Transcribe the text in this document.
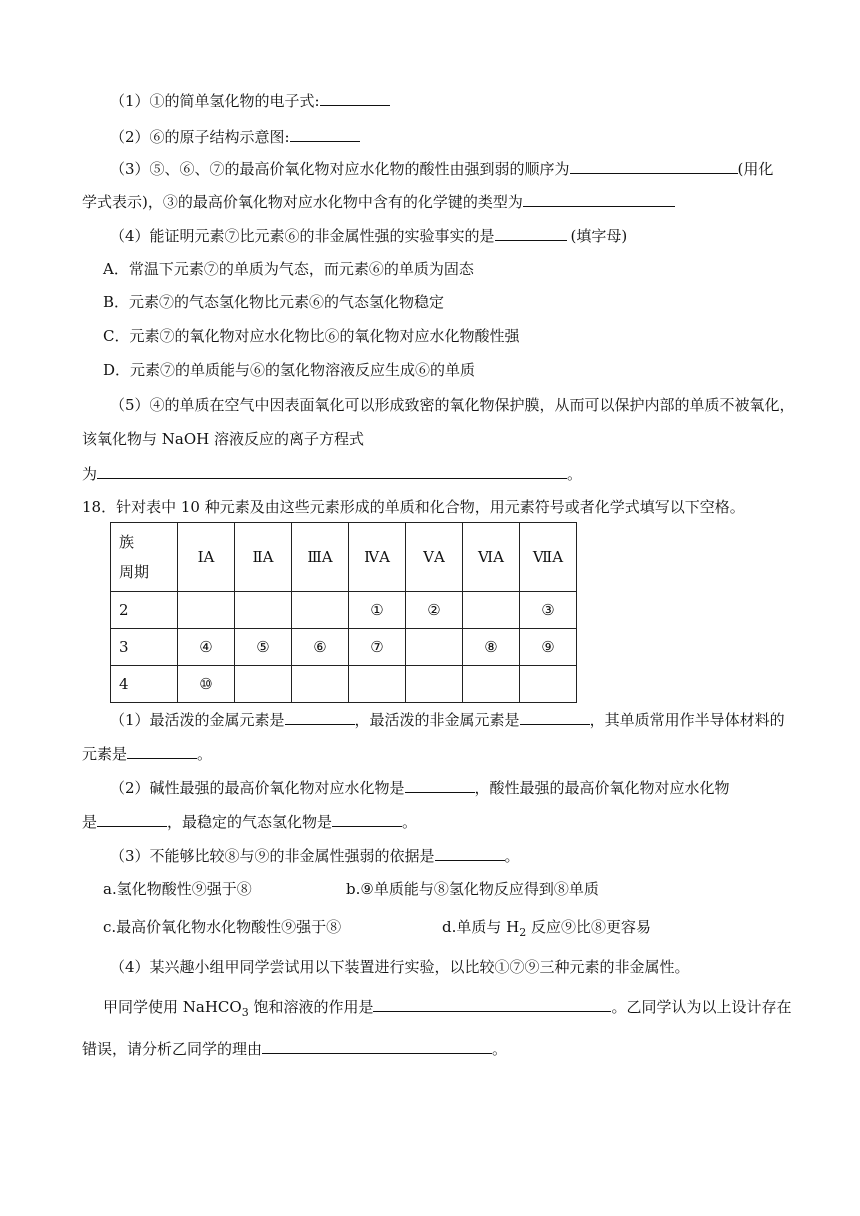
（1）①的简单氢化物的电子式:
（2）⑥的原子结构示意图:
（3）⑤、⑥、⑦的最高价氧化物对应水化物的酸性由强到弱的顺序为	(用化
学式表示)，③的最高价氧化物对应水化物中含有的化学键的类型为
（4）能证明元素⑦比元素⑥的非金属性强的实验事实的是	(填字母)
A．常温下元素⑦的单质为气态，而元素⑥的单质为固态
B．元素⑦的气态氢化物比元素⑥的气态氢化物稳定
C．元素⑦的氧化物对应水化物比⑥的氧化物对应水化物酸性强
D．元素⑦的单质能与⑥的氢化物溶液反应生成⑥的单质
（5）④的单质在空气中因表面氧化可以形成致密的氧化物保护膜，从而可以保护内部的单质不被氧化，
该氧化物与 NaOH 溶液反应的离子方程式
为	。
18．针对表中 10 种元素及由这些元素形成的单质和化合物，用元素符号或者化学式填写以下空格。
族
周期	ⅠA	ⅡA	ⅢA	ⅣA	ⅤA	ⅥA	ⅦA
2				①	②		③
3	④	⑤	⑥	⑦		⑧	⑨
4	⑩						
（1）最活泼的金属元素是	，最活泼的非金属元素是	，其单质常用作半导体材料的
元素是	。
（2）碱性最强的最高价氧化物对应水化物是	，酸性最强的最高价氧化物对应水化物
是	，最稳定的气态氢化物是	。
（3）不能够比较⑧与⑨的非金属性强弱的依据是	。
a.氢化物酸性⑨强于⑧	b.⑨单质能与⑧氢化物反应得到⑧单质
c.最高价氧化物水化物酸性⑨强于⑧	d.单质与 $H_2$ 反应⑨比⑧更容易
（4）某兴趣小组甲同学尝试用以下装置进行实验，以比较①⑦⑨三种元素的非金属性。
甲同学使用 NaHCO$_3$ 饱和溶液的作用是	。乙同学认为以上设计存在
错误，请分析乙同学的理由	。
